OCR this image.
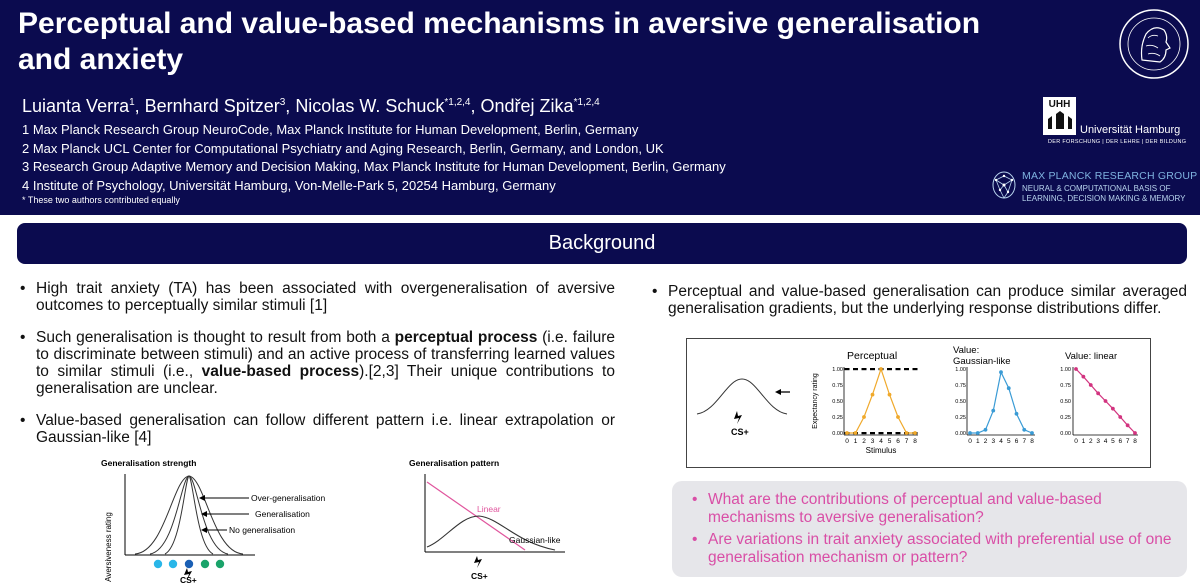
Perceptual and value-based mechanisms in aversive generalisation and anxiety
Luianta Verra$^1$, Bernhard Spitzer$^3$, Nicolas W. Schuck$^{*1,2,4}$, Ondřej Zika$^{*1,2,4}$
1 Max Planck Research Group NeuroCode, Max Planck Institute for Human Development, Berlin, Germany
2 Max Planck UCL Center for Computational Psychiatry and Aging Research, Berlin, Germany, and London, UK
3 Research Group Adaptive Memory and Decision Making, Max Planck Institute for Human Development, Berlin, Germany
4 Institute of Psychology, Universität Hamburg, Von-Melle-Park 5, 20254 Hamburg, Germany
* These two authors contributed equally
UHH
Universität Hamburg
DER FORSCHUNG | DER LEHRE | DER BILDUNG
MAX PLANCK RESEARCH GROUP
NEURAL & COMPUTATIONAL BASIS OF
LEARNING, DECISION MAKING & MEMORY
Background
• High trait anxiety (TA) has been associated with overgeneralisation of aversive outcomes to perceptually similar stimuli [1]
• Such generalisation is thought to result from both a perceptual process (i.e. failure to discriminate between stimuli) and an active process of transferring learned values to similar stimuli (i.e., value-based process).[2,3] Their unique contributions to generalisation are unclear.
• Value-based generalisation can follow different pattern i.e. linear extrapolation or Gaussian-like [4]
Generalisation strength
Aversiveness rating
Over-generalisation
Generalisation
No generalisation
CS+
Generalisation pattern
Linear
Gaussian-like
CS+
• Perceptual and value-based generalisation can produce similar averaged generalisation gradients, but the underlying response distributions differ.
CS+
Perceptual
0.00
0.25
0.50
0.75
1.00
0 1 2 3 4 5 6 7 8
Stimulus
Expectancy rating
Value:
Gaussian-like
0.00
0.25
0.50
0.75
1.00
0 1 2 3 4 5 6 7 8
Value: linear
0.00
0.25
0.50
0.75
1.00
0 1 2 3 4 5 6 7 8
• What are the contributions of perceptual and value-based mechanisms to aversive generalisation?
• Are variations in trait anxiety associated with preferential use of one generalisation mechanism or pattern?
